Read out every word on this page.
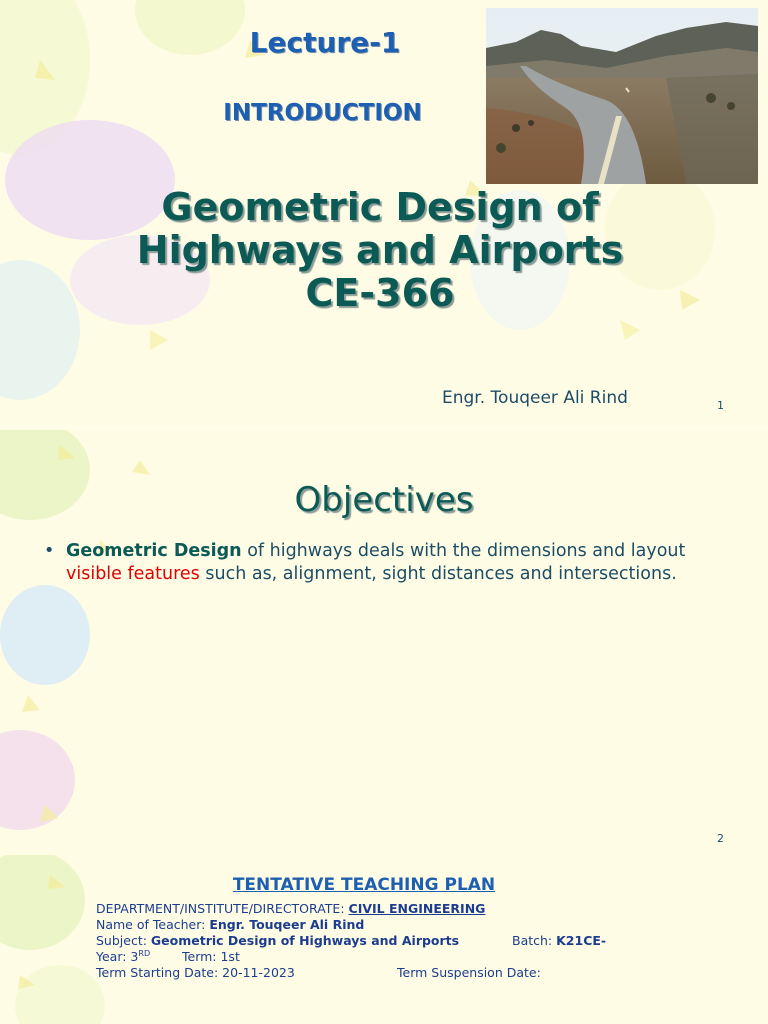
Lecture-1
INTRODUCTION
Geometric Design of
Highways and Airports
CE-366
Engr. Touqeer Ali Rind	1
Objectives
• Geometric Design of highways deals with the dimensions and layout visible features such as, alignment, sight distances and intersections.
2
TENTATIVE TEACHING PLAN
DEPARTMENT/INSTITUTE/DIRECTORATE: CIVIL ENGINEERING
Name of Teacher: Engr. Touqeer Ali Rind
Subject: Geometric Design of Highways and Airports	Batch: K21CE-
Year: 3RD	Term: 1st
Term Starting Date: 20-11-2023	Term Suspension Date:
